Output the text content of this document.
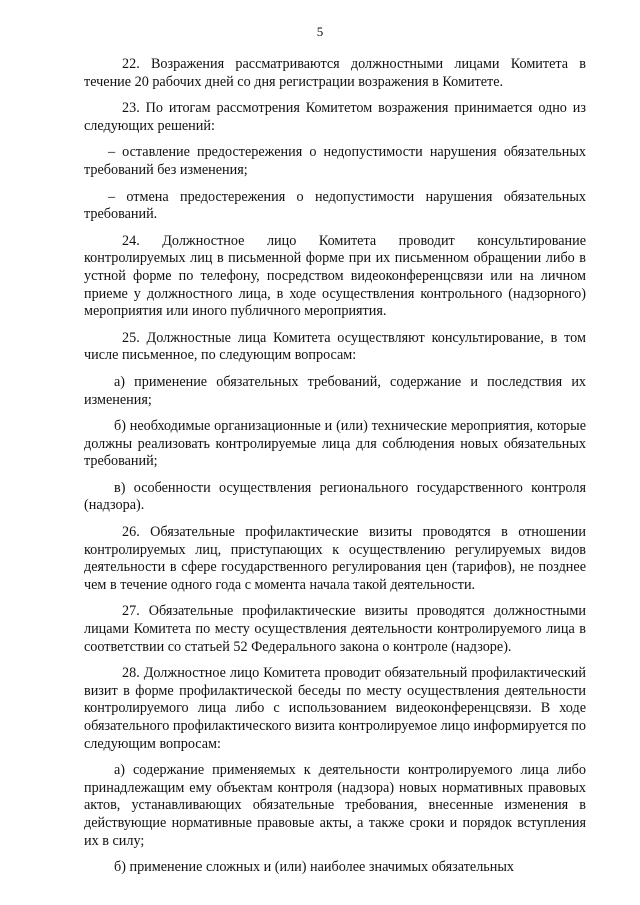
5

22. Возражения рассматриваются должностными лицами Комитета в течение 20 рабочих дней со дня регистрации возражения в Комитете.

23. По итогам рассмотрения Комитетом возражения принимается одно из следующих решений:

– оставление предостережения о недопустимости нарушения обязательных требований без изменения;

– отмена предостережения о недопустимости нарушения обязательных требований.

24. Должностное лицо Комитета проводит консультирование контролируемых лиц в письменной форме при их письменном обращении либо в устной форме по телефону, посредством видеоконференцсвязи или на личном приеме у должностного лица, в ходе осуществления контрольного (надзорного) мероприятия или иного публичного мероприятия.

25. Должностные лица Комитета осуществляют консультирование, в том числе письменное, по следующим вопросам:

а) применение обязательных требований, содержание и последствия их изменения;

б) необходимые организационные и (или) технические мероприятия, которые должны реализовать контролируемые лица для соблюдения новых обязательных требований;

в) особенности осуществления регионального государственного контроля (надзора).

26. Обязательные профилактические визиты проводятся в отношении контролируемых лиц, приступающих к осуществлению регулируемых видов деятельности в сфере государственного регулирования цен (тарифов), не позднее чем в течение одного года с момента начала такой деятельности.

27. Обязательные профилактические визиты проводятся должностными лицами Комитета по месту осуществления деятельности контролируемого лица в соответствии со статьей 52 Федерального закона о контроле (надзоре).

28. Должностное лицо Комитета проводит обязательный профилактический визит в форме профилактической беседы по месту осуществления деятельности контролируемого лица либо с использованием видеоконференцсвязи. В ходе обязательного профилактического визита контролируемое лицо информируется по следующим вопросам:

а) содержание применяемых к деятельности контролируемого лица либо принадлежащим ему объектам контроля (надзора) новых нормативных правовых актов, устанавливающих обязательные требования, внесенные изменения в действующие нормативные правовые акты, а также сроки и порядок вступления их в силу;

б) применение сложных и (или) наиболее значимых обязательных
